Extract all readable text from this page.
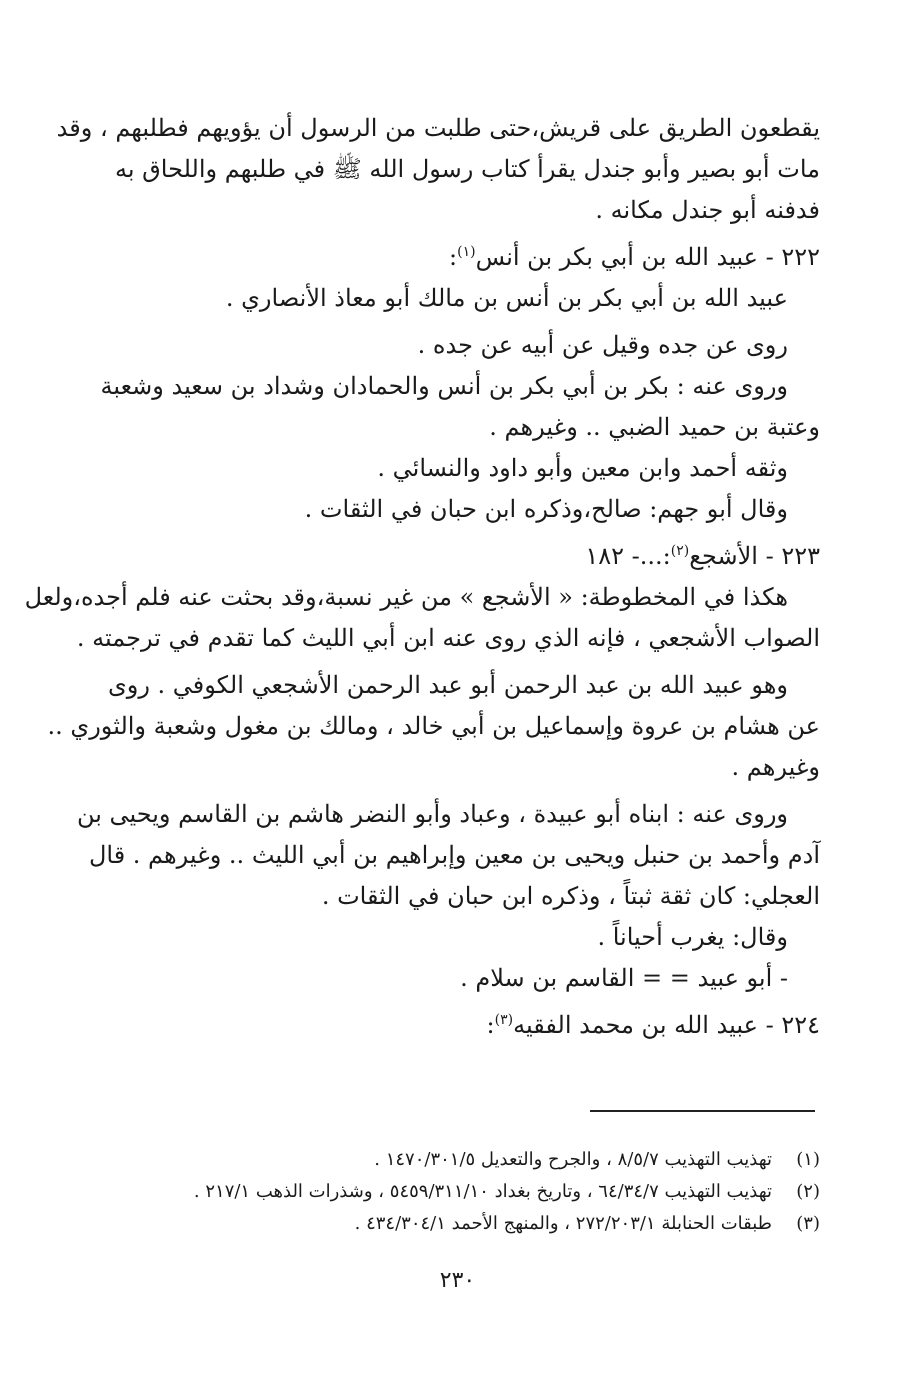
يقطعون الطريق على قريش،حتى طلبت من الرسول أن يؤويهم فطلبهم ، وقد
مات أبو بصير وأبو جندل يقرأ كتاب رسول الله ﷺ في طلبهم واللحاق به
فدفنه أبو جندل مكانه .

٢٢٢ - عبيد الله بن أبي بكر بن أنس$^{(١)}$:

عبيد الله بن أبي بكر بن أنس بن مالك أبو معاذ الأنصاري .

روى عن جده وقيل عن أبيه عن جده .

وروى عنه : بكر بن أبي بكر بن أنس والحمادان وشداد بن سعيد وشعبة
وعتبة بن حميد الضبي .. وغيرهم .

وثقه أحمد وابن معين وأبو داود والنسائي .

وقال أبو جهم: صالح،وذكره ابن حبان في الثقات .

٢٢٣ - الأشجع$^{(٢)}$:...- ١٨٢

هكذا في المخطوطة: « الأشجع » من غير نسبة،وقد بحثت عنه فلم أجده،ولعل
الصواب الأشجعي ، فإنه الذي روى عنه ابن أبي الليث كما تقدم في ترجمته .

وهو عبيد الله بن عبد الرحمن أبو عبد الرحمن الأشجعي الكوفي . روى
عن هشام بن عروة وإسماعيل بن أبي خالد ، ومالك بن مغول وشعبة والثوري ..
وغيرهم .

وروى عنه : ابناه أبو عبيدة ، وعباد وأبو النضر هاشم بن القاسم ويحيى بن
آدم وأحمد بن حنبل ويحيى بن معين وإبراهيم بن أبي الليث .. وغيرهم . قال
العجلي: كان ثقة ثبتاً ، وذكره ابن حبان في الثقات .

وقال: يغرب أحياناً .

- أبو عبيد = = القاسم بن سلام .

٢٢٤ - عبيد الله بن محمد الفقيه$^{(٣)}$:

(١)
تهذيب التهذيب ٨/٥/٧ ، والجرح والتعديل ١٤٧٠/٣٠١/٥ .
(٢)
تهذيب التهذيب ٦٤/٣٤/٧ ، وتاريخ بغداد ٥٤٥٩/٣١١/١٠ ، وشذرات الذهب ٢١٧/١ .
(٣)
طبقات الحنابلة ٢٧٢/٢٠٣/١ ، والمنهج الأحمد ٤٣٤/٣٠٤/١ .
٢٣٠
